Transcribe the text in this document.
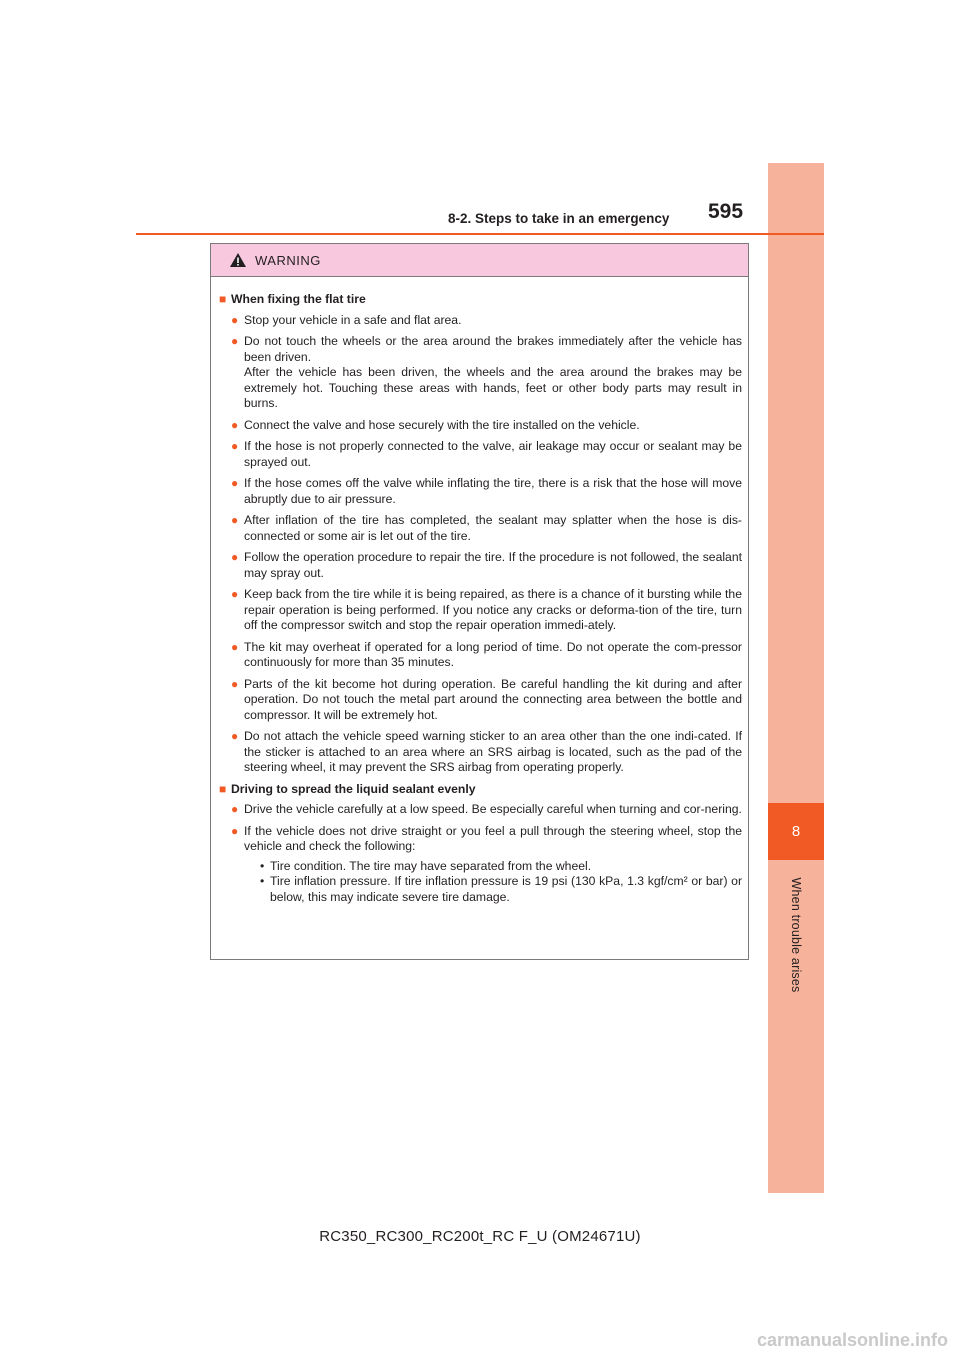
8
When trouble arises
8-2. Steps to take in an emergency 595
WARNING
■ When fixing the flat tire
● Stop your vehicle in a safe and flat area.
● Do not touch the wheels or the area around the brakes immediately after the vehicle has been driven.
After the vehicle has been driven, the wheels and the area around the brakes may be extremely hot. Touching these areas with hands, feet or other body parts may result in burns.
● Connect the valve and hose securely with the tire installed on the vehicle.
● If the hose is not properly connected to the valve, air leakage may occur or sealant may be sprayed out.
● If the hose comes off the valve while inflating the tire, there is a risk that the hose will move abruptly due to air pressure.
● After inflation of the tire has completed, the sealant may splatter when the hose is dis-connected or some air is let out of the tire.
● Follow the operation procedure to repair the tire. If the procedure is not followed, the sealant may spray out.
● Keep back from the tire while it is being repaired, as there is a chance of it bursting while the repair operation is being performed. If you notice any cracks or deforma-tion of the tire, turn off the compressor switch and stop the repair operation immedi-ately.
● The kit may overheat if operated for a long period of time. Do not operate the com-pressor continuously for more than 35 minutes.
● Parts of the kit become hot during operation. Be careful handling the kit during and after operation. Do not touch the metal part around the connecting area between the bottle and compressor. It will be extremely hot.
● Do not attach the vehicle speed warning sticker to an area other than the one indi-cated. If the sticker is attached to an area where an SRS airbag is located, such as the pad of the steering wheel, it may prevent the SRS airbag from operating properly.
■ Driving to spread the liquid sealant evenly
● Drive the vehicle carefully at a low speed. Be especially careful when turning and cor-nering.
● If the vehicle does not drive straight or you feel a pull through the steering wheel, stop the vehicle and check the following:
• Tire condition. The tire may have separated from the wheel.
• Tire inflation pressure. If tire inflation pressure is 19 psi (130 kPa, 1.3 kgf/cm² or bar) or below, this may indicate severe tire damage.
RC350_RC300_RC200t_RC F_U (OM24671U)
carmanualsonline.info
